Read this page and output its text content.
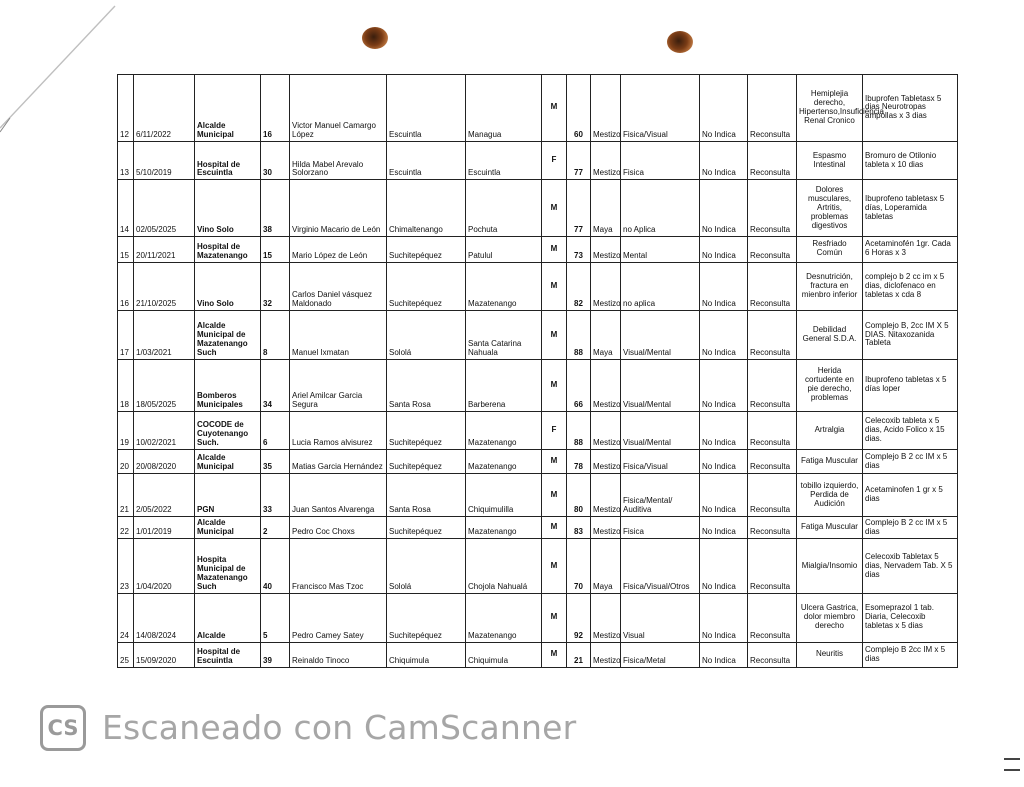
12	6/11/2022	Alcalde Municipal	16	Victor Manuel Camargo López	Escuintla	Managua	M	60	Mestizo	Fisica/Visual	No Indica	Reconsulta	Hemiplejia derecho, Hipertenso,Insuficiencia Renal Cronico	Ibuprofen Tabletasx 5 dias Neurotropas ampollas x 3 dias
13	5/10/2019	Hospital de Escuintla	30	Hilda Mabel Arevalo Solorzano	Escuintla	Escuintla	F	77	Mestizo	Fisica	No Indica	Reconsulta	Espasmo Intestinal	Bromuro de Otilonio tableta x 10 dias
14	02/05/2025	Vino Solo	38	Virginio Macario de León	Chimaltenango	Pochuta	M	77	Maya	no Aplica	No Indica	Reconsulta	Dolores musculares, Artritis, problemas digestivos	Ibuprofeno tabletasx 5 días, Loperamida tabletas
15	20/11/2021	Hospital de Mazatenango	15	Mario López de León	Suchitepéquez	Patulul	M	73	Mestizo	Mental	No Indica	Reconsulta	Resfriado Común	Acetaminofén 1gr. Cada 6 Horas x 3
16	21/10/2025	Vino Solo	32	Carlos Daniel vásquez Maldonado	Suchitepéquez	Mazatenango	M	82	Mestizo	no aplica	No Indica	Reconsulta	Desnutrición, fractura en mienbro inferior	complejo b 2 cc im x 5 dias, diclofenaco en tabletas x cda 8
17	1/03/2021	Alcalde Municipal de Mazatenango Such	8	Manuel Ixmatan	Sololá	Santa Catarina Nahuala	M	88	Maya	Visual/Mental	No Indica	Reconsulta	Debilidad General S.D.A.	Complejo B, 2cc IM X 5 DIAS. Nitaxozanida Tableta
18	18/05/2025	Bomberos Municipales	34	Ariel Amilcar Garcia Segura	Santa Rosa	Barberena	M	66	Mestizo	Visual/Mental	No Indica	Reconsulta	Herida cortudente en pie derecho, problemas	Ibuprofeno tabletas x 5 días loper
19	10/02/2021	COCODE de Cuyotenango Such.	6	Lucia Ramos alvisurez	Suchitepéquez	Mazatenango	F	88	Mestizo	Visual/Mental	No Indica	Reconsulta	Artralgia	Celecoxib tableta x 5 dias, Acido Folico x 15 dias.
20	20/08/2020	Alcalde Municipal	35	Matias Garcia Hernández	Suchitepéquez	Mazatenango	M	78	Mestizo	Fisica/Visual	No Indica	Reconsulta	Fatiga Muscular	Complejo B 2 cc IM x 5 dias
21	2/05/2022	PGN	33	Juan Santos Alvarenga	Santa Rosa	Chiquimulilla	M	80	Mestizo	Fisica/Mental/ Auditiva	No Indica	Reconsulta	tobillo izquierdo, Perdida de Audición	Acetaminofen 1 gr x 5 dias
22	1/01/2019	Alcalde Municipal	2	Pedro Coc Choxs	Suchitepéquez	Mazatenango	M	83	Mestizo	Fisica	No Indica	Reconsulta	Fatiga Muscular	Complejo B 2 cc IM x 5 dias
23	1/04/2020	Hospita Municipal de Mazatenango Such	40	Francisco Mas Tzoc	Sololá	Chojola Nahualá	M	70	Maya	Fisica/Visual/Otros	No Indica	Reconsulta	Mialgia/Insomio	Celecoxib Tabletax 5 dias, Nervadem Tab. X 5 dias
24	14/08/2024	Alcalde	5	Pedro Camey Satey	Suchitepéquez	Mazatenango	M	92	Mestizo	Visual	No Indica	Reconsulta	Ulcera Gastrica, dolor miembro derecho	Esomeprazol 1 tab. Diaria, Celecoxib tabletas x 5 dias
25	15/09/2020	Hospital de Escuintla	39	Reinaldo Tinoco	Chiquimula	Chiquimula	M	21	Mestizo	Fisica/Metal	No Indica	Reconsulta	Neuritis	Complejo B 2cc IM x 5 dias
CS Escaneado con CamScanner
